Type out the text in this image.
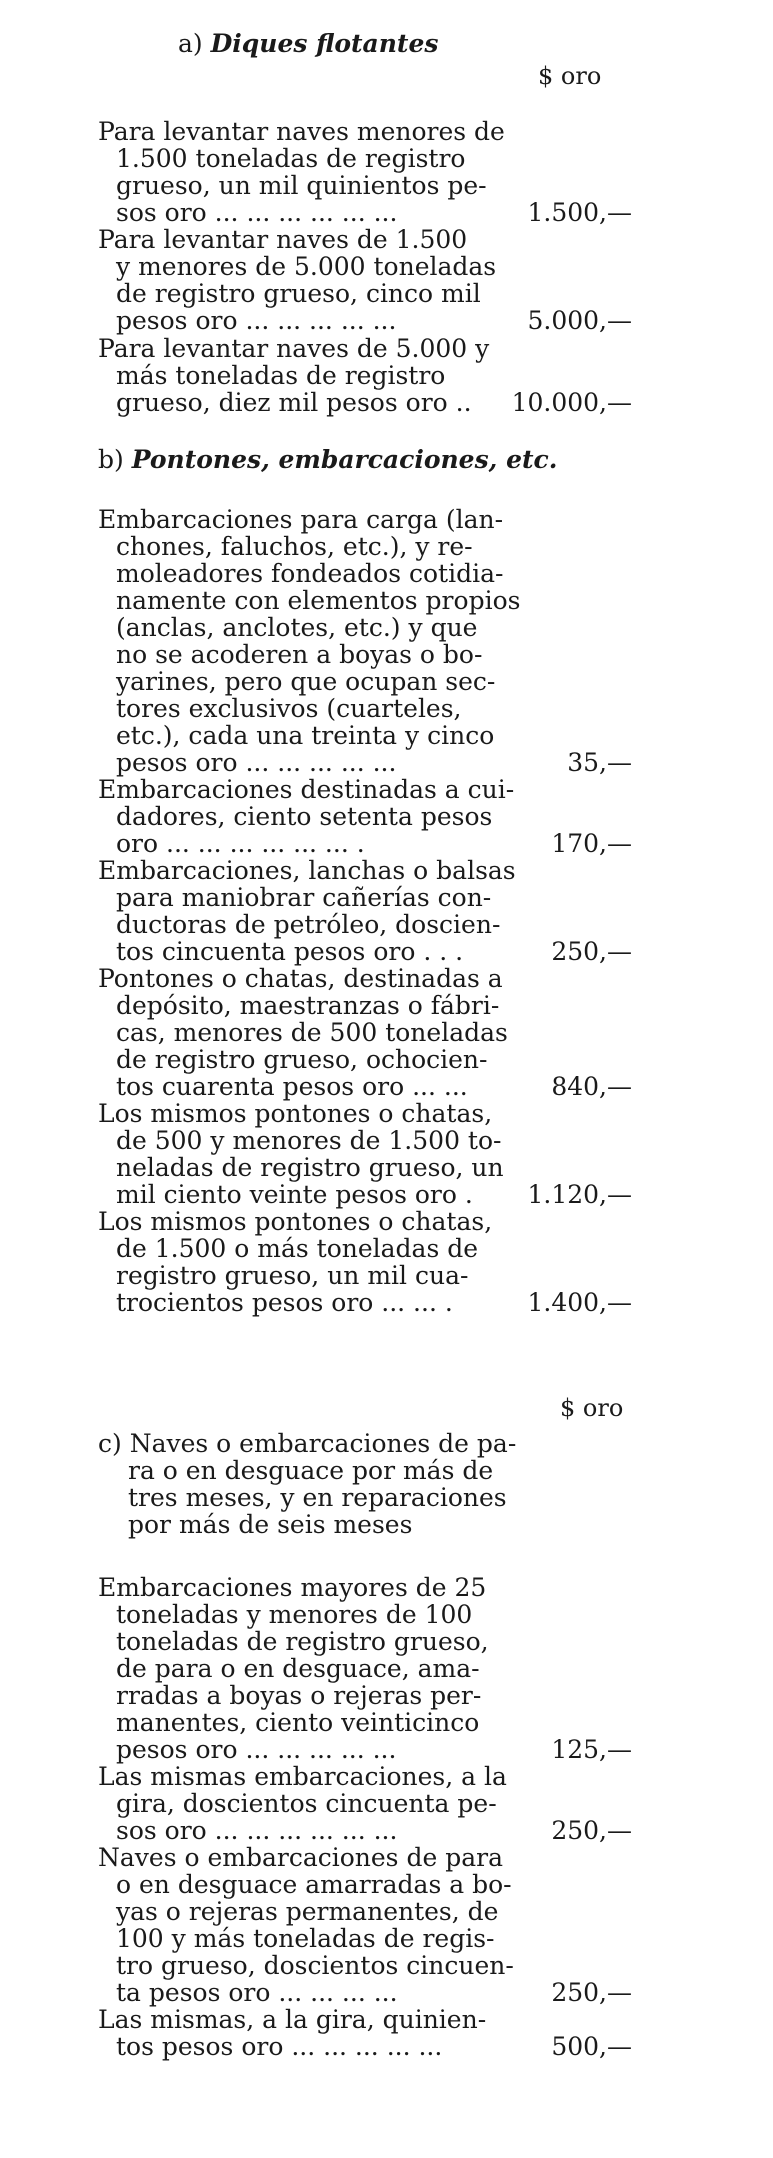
a) Diques flotantes
$ oro
Para levantar naves menores de
1.500 toneladas de registro
grueso, un mil quinientos pe-
sos oro ... ... ... ... ... ...	1.500,—
Para levantar naves de 1.500
y menores de 5.000 toneladas
de registro grueso, cinco mil
pesos oro ... ... ... ... ...	5.000,—
Para levantar naves de 5.000 y
más toneladas de registro
grueso, diez mil pesos oro ..	10.000,—
b) Pontones, embarcaciones, etc.
Embarcaciones para carga (lan-
chones, faluchos, etc.), y re-
moleadores fondeados cotidia-
namente con elementos propios
(anclas, anclotes, etc.) y que
no se acoderen a boyas o bo-
yarines, pero que ocupan sec-
tores exclusivos (cuarteles,
etc.), cada una treinta y cinco
pesos oro ... ... ... ... ...	35,—
Embarcaciones destinadas a cui-
dadores, ciento setenta pesos
oro ... ... ... ... ... ... .	170,—
Embarcaciones, lanchas o balsas
para maniobrar cañerías con-
ductoras de petróleo, doscien-
tos cincuenta pesos oro . . .	250,—
Pontones o chatas, destinadas a
depósito, maestranzas o fábri-
cas, menores de 500 toneladas
de registro grueso, ochocien-
tos cuarenta pesos oro ... ...	840,—
Los mismos pontones o chatas,
de 500 y menores de 1.500 to-
neladas de registro grueso, un
mil ciento veinte pesos oro .	1.120,—
Los mismos pontones o chatas,
de 1.500 o más toneladas de
registro grueso, un mil cua-
trocientos pesos oro ... ... .	1.400,—
$ oro
c) Naves o embarcaciones de pa-
ra o en desguace por más de
tres meses, y en reparaciones
por más de seis meses
Embarcaciones mayores de 25
toneladas y menores de 100
toneladas de registro grueso,
de para o en desguace, ama-
rradas a boyas o rejeras per-
manentes, ciento veinticinco
pesos oro ... ... ... ... ...	125,—
Las mismas embarcaciones, a la
gira, doscientos cincuenta pe-
sos oro ... ... ... ... ... ...	250,—
Naves o embarcaciones de para
o en desguace amarradas a bo-
yas o rejeras permanentes, de
100 y más toneladas de regis-
tro grueso, doscientos cincuen-
ta pesos oro ... ... ... ...	250,—
Las mismas, a la gira, quinien-
tos pesos oro ... ... ... ... ...	500,—
